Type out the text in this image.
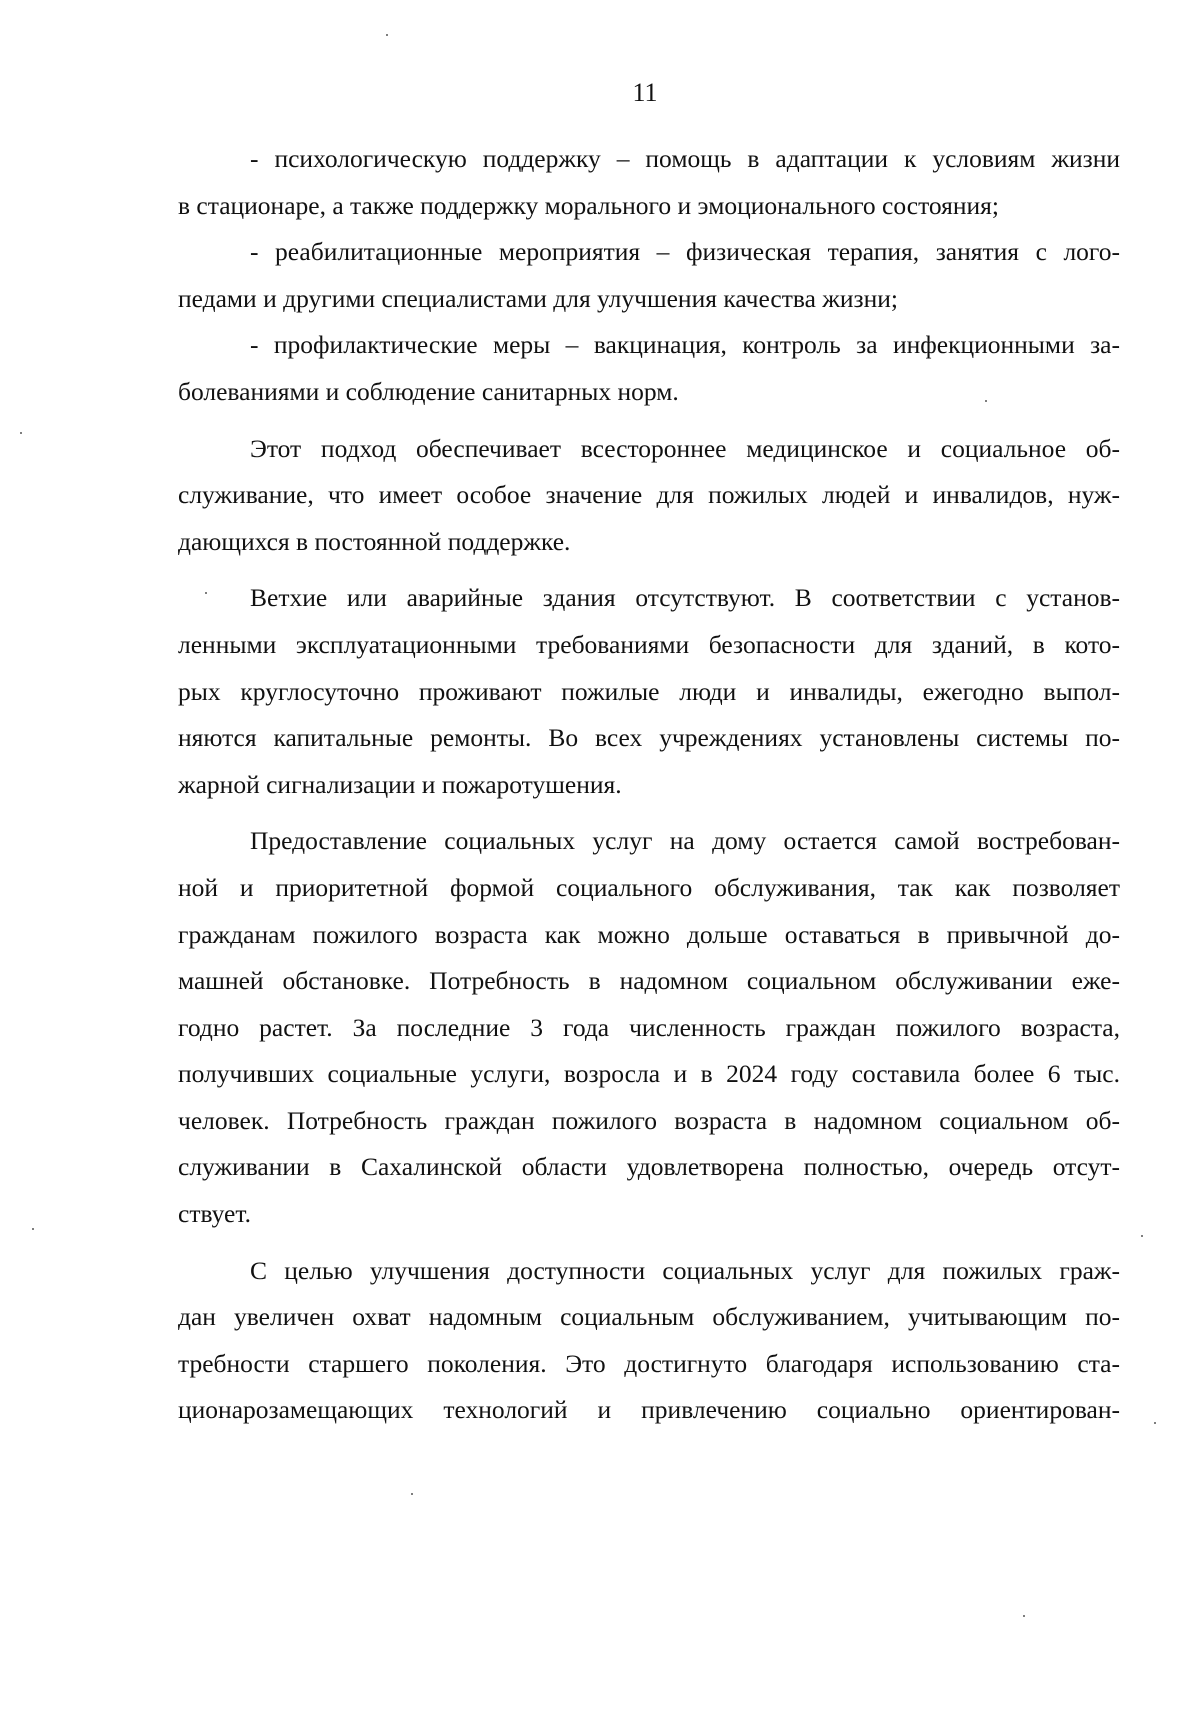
11
- психологическую поддержку – помощь в адаптации к условиям жизни
в стационаре, а также поддержку морального и эмоционального состояния;
- реабилитационные мероприятия – физическая терапия, занятия с лого-
педами и другими специалистами для улучшения качества жизни;
- профилактические меры – вакцинация, контроль за инфекционными за-
болеваниями и соблюдение санитарных норм.
Этот подход обеспечивает всестороннее медицинское и социальное об-
служивание, что имеет особое значение для пожилых людей и инвалидов, нуж-
дающихся в постоянной поддержке.
Ветхие или аварийные здания отсутствуют. В соответствии с установ-
ленными эксплуатационными требованиями безопасности для зданий, в кото-
рых круглосуточно проживают пожилые люди и инвалиды, ежегодно выпол-
няются капитальные ремонты. Во всех учреждениях установлены системы по-
жарной сигнализации и пожаротушения.
Предоставление социальных услуг на дому остается самой востребован-
ной и приоритетной формой социального обслуживания, так как позволяет
гражданам пожилого возраста как можно дольше оставаться в привычной до-
машней обстановке. Потребность в надомном социальном обслуживании еже-
годно растет. За последние 3 года численность граждан пожилого возраста,
получивших социальные услуги, возросла и в 2024 году составила более 6 тыс.
человек. Потребность граждан пожилого возраста в надомном социальном об-
служивании в Сахалинской области удовлетворена полностью, очередь отсут-
ствует.
С целью улучшения доступности социальных услуг для пожилых граж-
дан увеличен охват надомным социальным обслуживанием, учитывающим по-
требности старшего поколения. Это достигнуто благодаря использованию ста-
ционарозамещающих технологий и привлечению социально ориентирован-
